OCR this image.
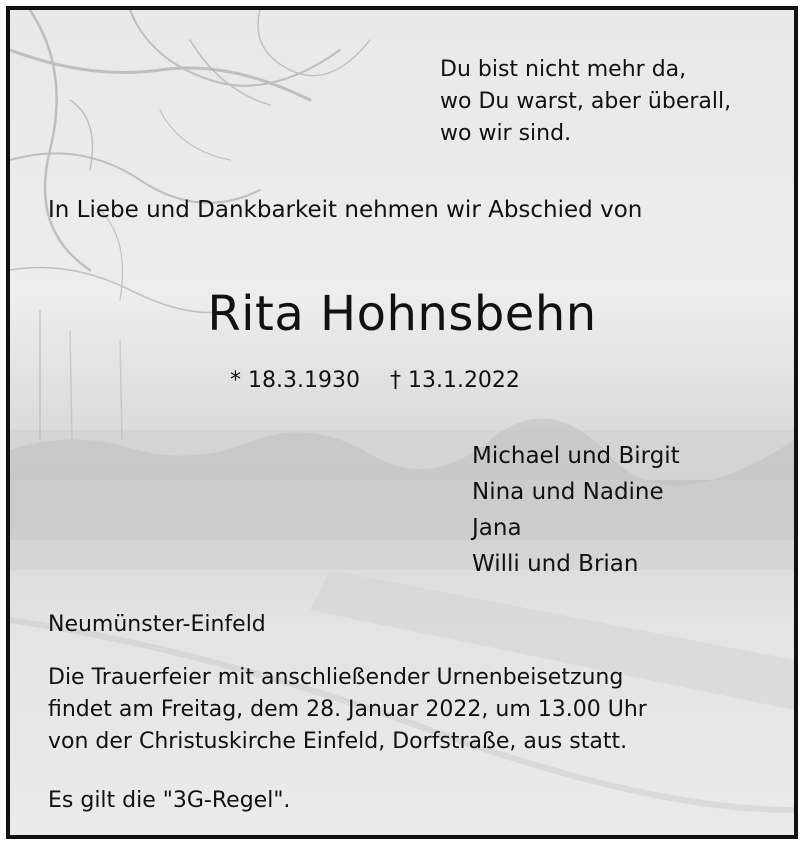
Du bist nicht mehr da,
wo Du warst, aber überall,
wo wir sind.
In Liebe und Dankbarkeit nehmen wir Abschied von
Rita Hohnsbehn
* 18.3.1930 † 13.1.2022
Michael und Birgit
Nina und Nadine
Jana
Willi und Brian
Neumünster-Einfeld
Die Trauerfeier mit anschließender Urnenbeisetzung
findet am Freitag, dem 28. Januar 2022, um 13.00 Uhr
von der Christuskirche Einfeld, Dorfstraße, aus statt.
Es gilt die "3G-Regel".
